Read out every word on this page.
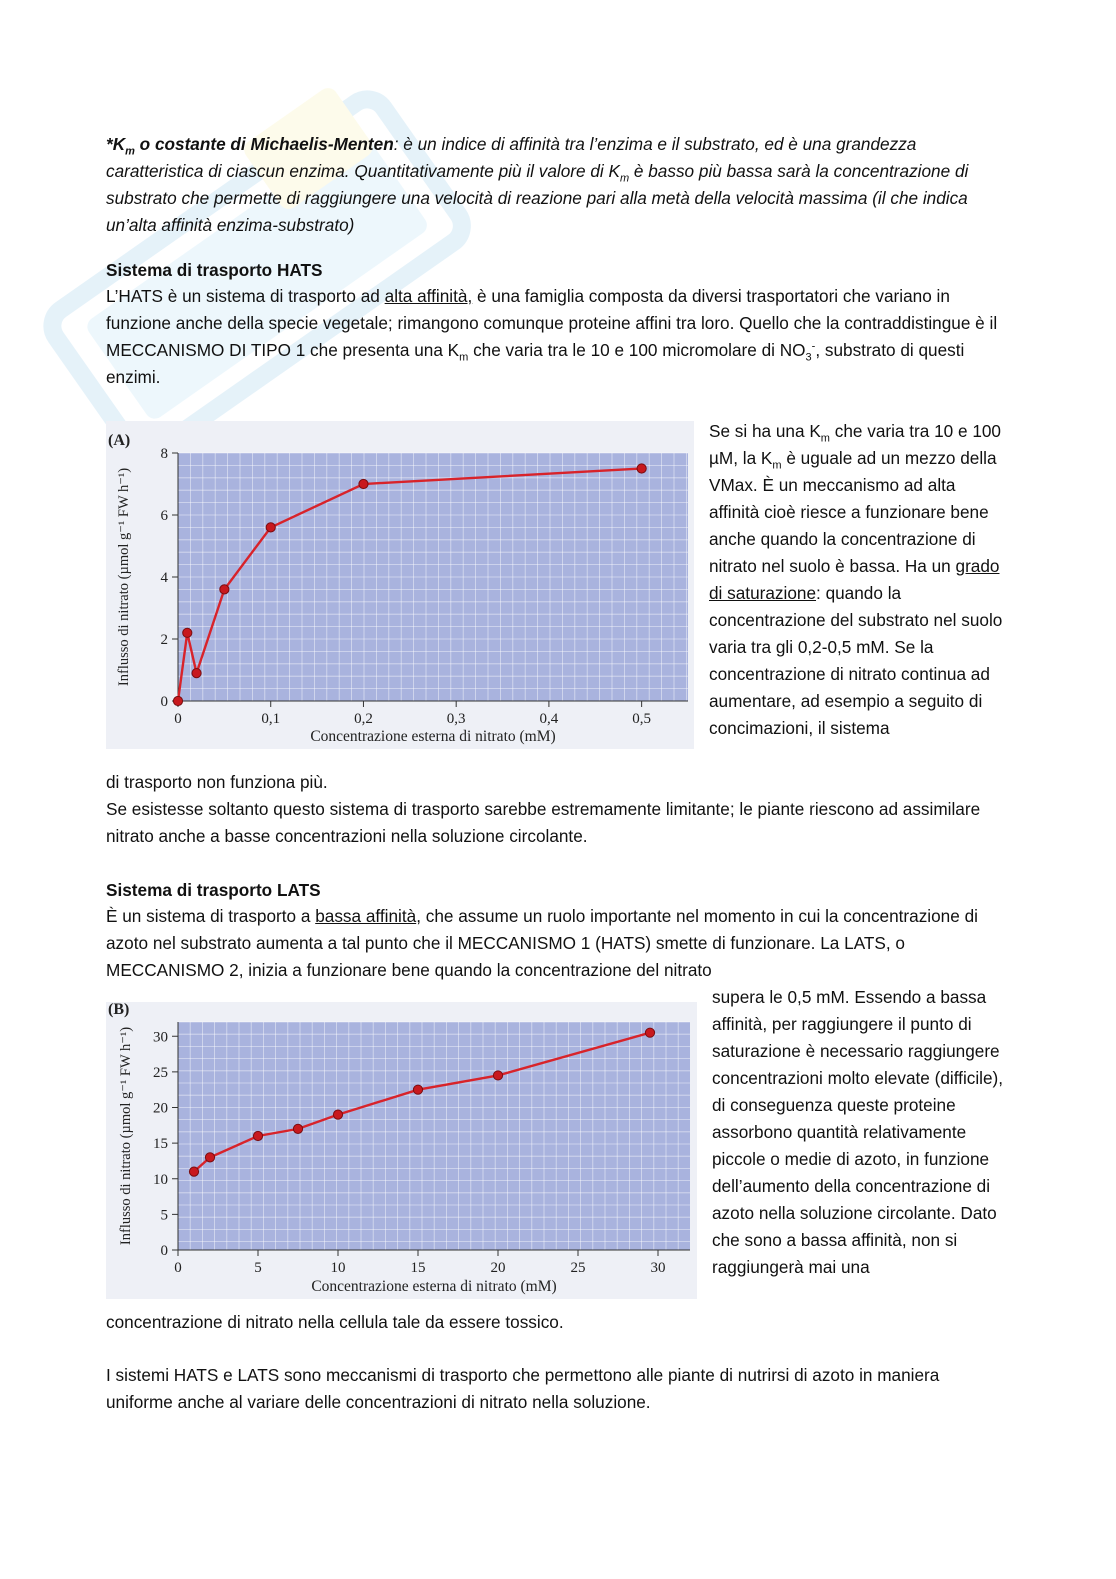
$*K_m$ o costante di Michaelis-Menten: è un indice di affinità tra l’enzima e il substrato, ed è una grandezza caratteristica di ciascun enzima. Quantitativamente più il valore di $K_m$ è basso più bassa sarà la concentrazione di substrato che permette di raggiungere una velocità di reazione pari alla metà della velocità massima (il che indica un’alta affinità enzima-substrato)

Sistema di trasporto HATS

L’HATS è un sistema di trasporto ad alta affinità, è una famiglia composta da diversi trasportatori che variano in funzione anche della specie vegetale; rimangono comunque proteine affini tra loro. Quello che la contraddistingue è il MECCANISMO DI TIPO 1 che presenta una $K_m$ che varia tra le 10 e 100 micromolare di $NO_3^-$, substrato di questi enzimi.

0
2
4
6
8
0	0,1	0,2	0,3	0,4	0,5
Concentrazione esterna di nitrato (mM)
Influsso di nitrato (µmol g⁻¹ FW h⁻¹)
(A)	Se si ha una $K_m$ che varia tra 10 e 100 µM, la $K_m$ è uguale ad un mezzo della VMax. È un meccanismo ad alta affinità cioè riesce a funzionare bene anche quando la concentrazione di nitrato nel suolo è bassa. Ha un grado di saturazione: quando la concentrazione del substrato nel suolo varia tra gli 0,2-0,5 mM. Se la concentrazione di nitrato continua ad aumentare, ad esempio a seguito di concimazioni, il sistema

di trasporto non funziona più.

Se esistesse soltanto questo sistema di trasporto sarebbe estremamente limitante; le piante riescono ad assimilare nitrato anche a basse concentrazioni nella soluzione circolante.

Sistema di trasporto LATS

È un sistema di trasporto a bassa affinità, che assume un ruolo importante nel momento in cui la concentrazione di azoto nel substrato aumenta a tal punto che il MECCANISMO 1 (HATS) smette di funzionare. La LATS, o MECCANISMO 2, inizia a funzionare bene quando la concentrazione del nitrato

0
5
10
15
20
25
30
0	5	10	15	20	25	30
Concentrazione esterna di nitrato (mM)
Influsso di nitrato (µmol g⁻¹ FW h⁻¹)
(B)

supera le 0,5 mM. Essendo a bassa affinità, per raggiungere il punto di saturazione è necessario raggiungere concentrazioni molto elevate (difficile), di conseguenza queste proteine assorbono quantità relativamente piccole o medie di azoto, in funzione dell’aumento della concentrazione di azoto nella soluzione circolante. Dato che sono a bassa affinità, non si raggiungerà mai una

concentrazione di nitrato nella cellula tale da essere tossico.

I sistemi HATS e LATS sono meccanismi di trasporto che permettono alle piante di nutrirsi di azoto in maniera uniforme anche al variare delle concentrazioni di nitrato nella soluzione.
